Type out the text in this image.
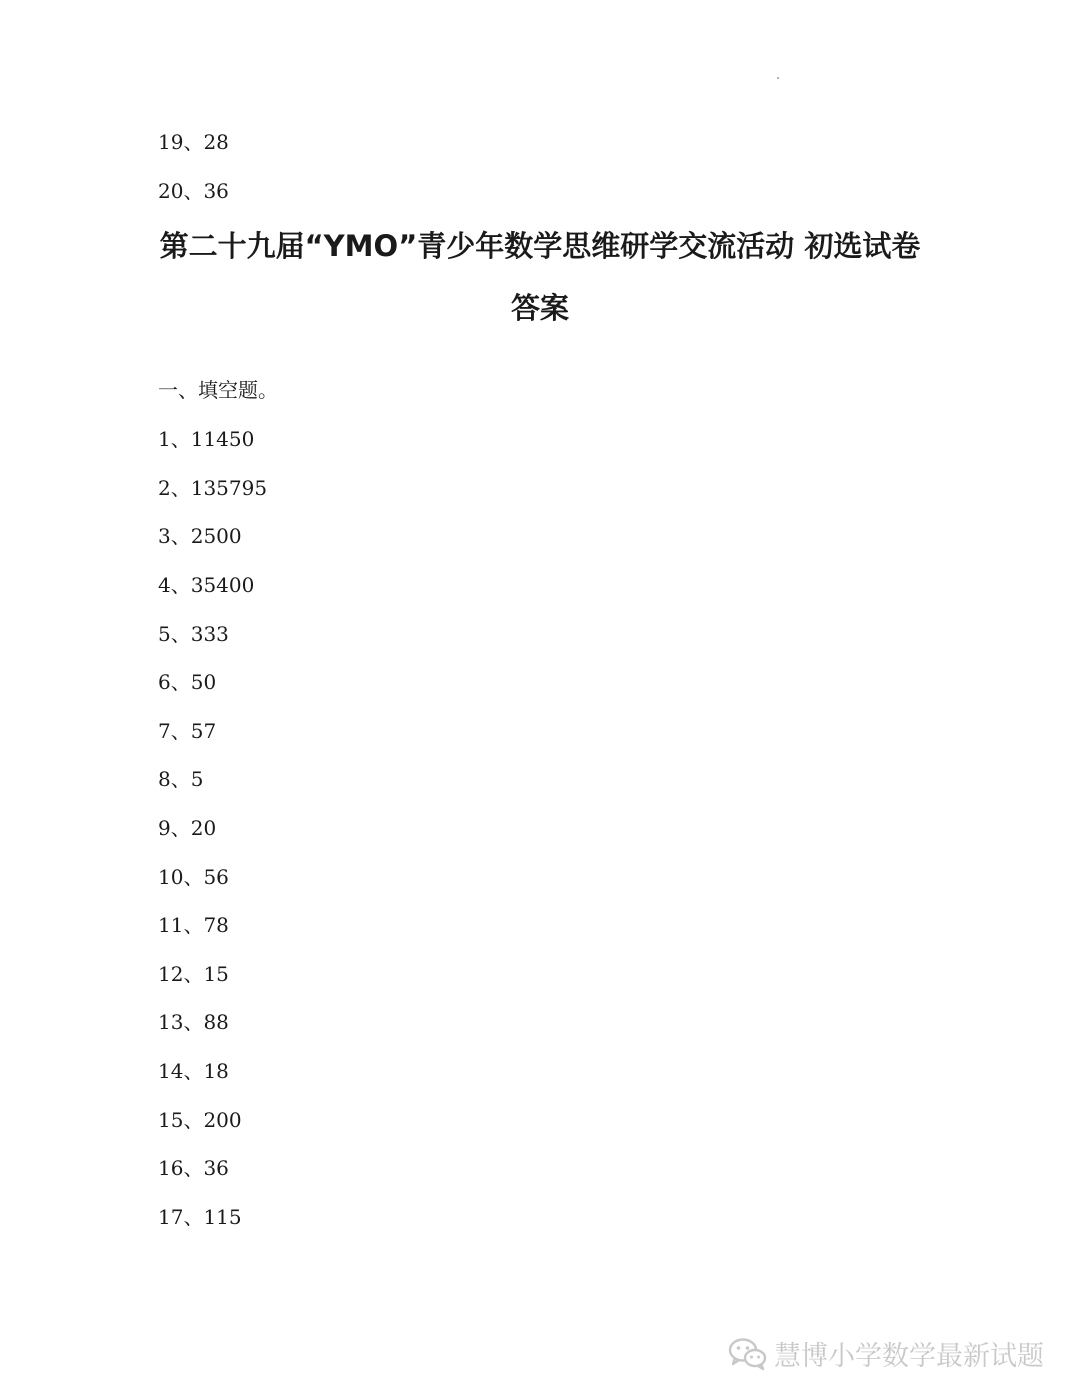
19、28
20、36
第二十九届“YMO”青少年数学思维研学交流活动 初选试卷
答案
一、填空题。
1、11450
2、135795
3、2500
4、35400
5、333
6、50
7、57
8、5
9、20
10、56
11、78
12、15
13、88
14、18
15、200
16、36
17、115
慧博小学数学最新试题
